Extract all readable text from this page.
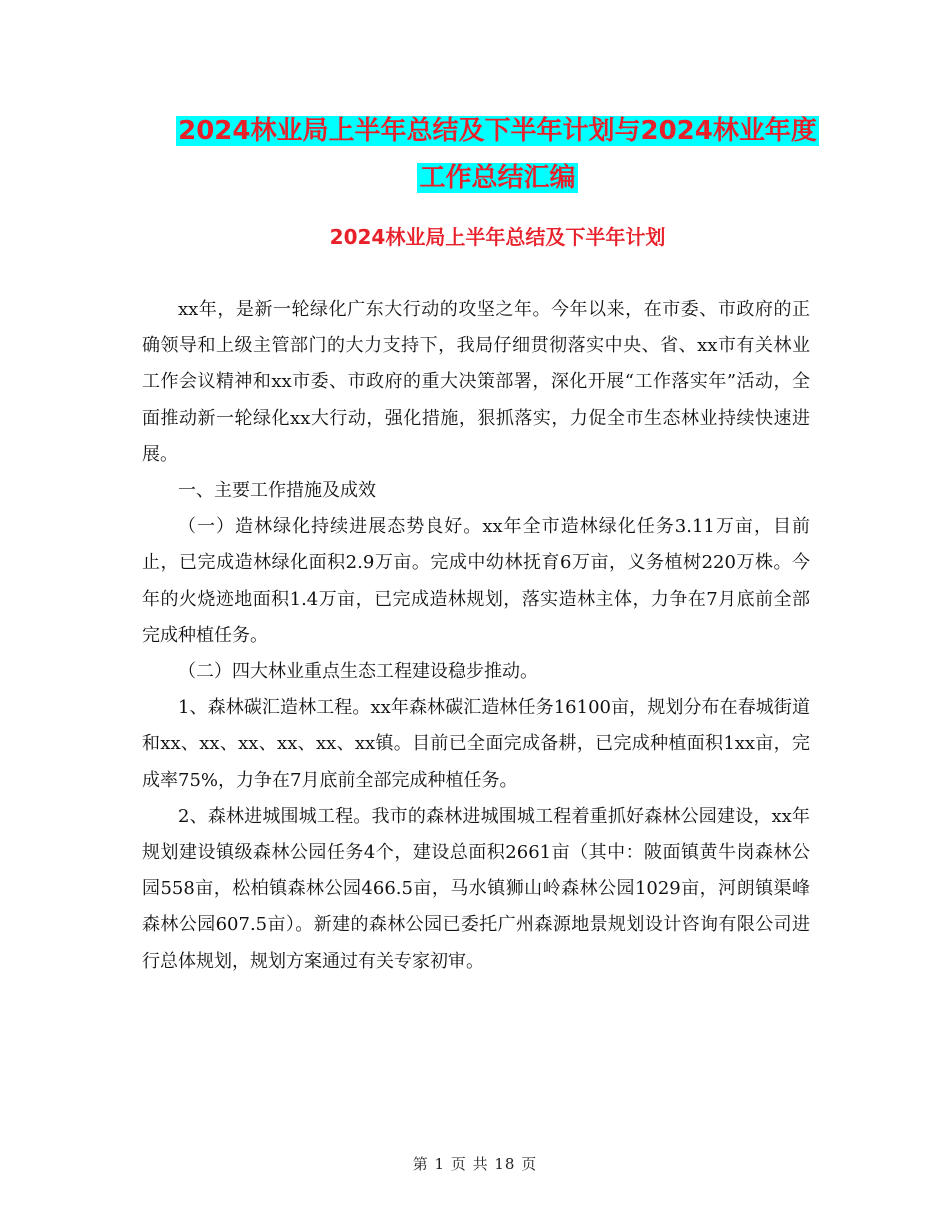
2024林业局上半年总结及下半年计划与2024林业年度
工作总结汇编
2024林业局上半年总结及下半年计划

xx年，是新一轮绿化广东大行动的攻坚之年。今年以来，在市委、市政府的正确领导和上级主管部门的大力支持下，我局仔细贯彻落实中央、省、xx市有关林业工作会议精神和xx市委、市政府的重大决策部署，深化开展“工作落实年”活动，全面推动新一轮绿化xx大行动，强化措施，狠抓落实，力促全市生态林业持续快速进展。

一、主要工作措施及成效

（一）造林绿化持续进展态势良好。xx年全市造林绿化任务3.11万亩，目前止，已完成造林绿化面积2.9万亩。完成中幼林抚育6万亩，义务植树220万株。今年的火烧迹地面积1.4万亩，已完成造林规划，落实造林主体，力争在7月底前全部完成种植任务。

（二）四大林业重点生态工程建设稳步推动。

1、森林碳汇造林工程。xx年森林碳汇造林任务16100亩，规划分布在春城街道和xx、xx、xx、xx、xx、xx镇。目前已全面完成备耕，已完成种植面积1xx亩，完成率75%，力争在7月底前全部完成种植任务。

2、森林进城围城工程。我市的森林进城围城工程着重抓好森林公园建设，xx年规划建设镇级森林公园任务4个，建设总面积2661亩（其中：陂面镇黄牛岗森林公园558亩，松柏镇森林公园466.5亩，马水镇狮山岭森林公园1029亩，河朗镇渠峰森林公园607.5亩）。新建的森林公园已委托广州森源地景规划设计咨询有限公司进行总体规划，规划方案通过有关专家初审。

第 1 页 共 18 页
